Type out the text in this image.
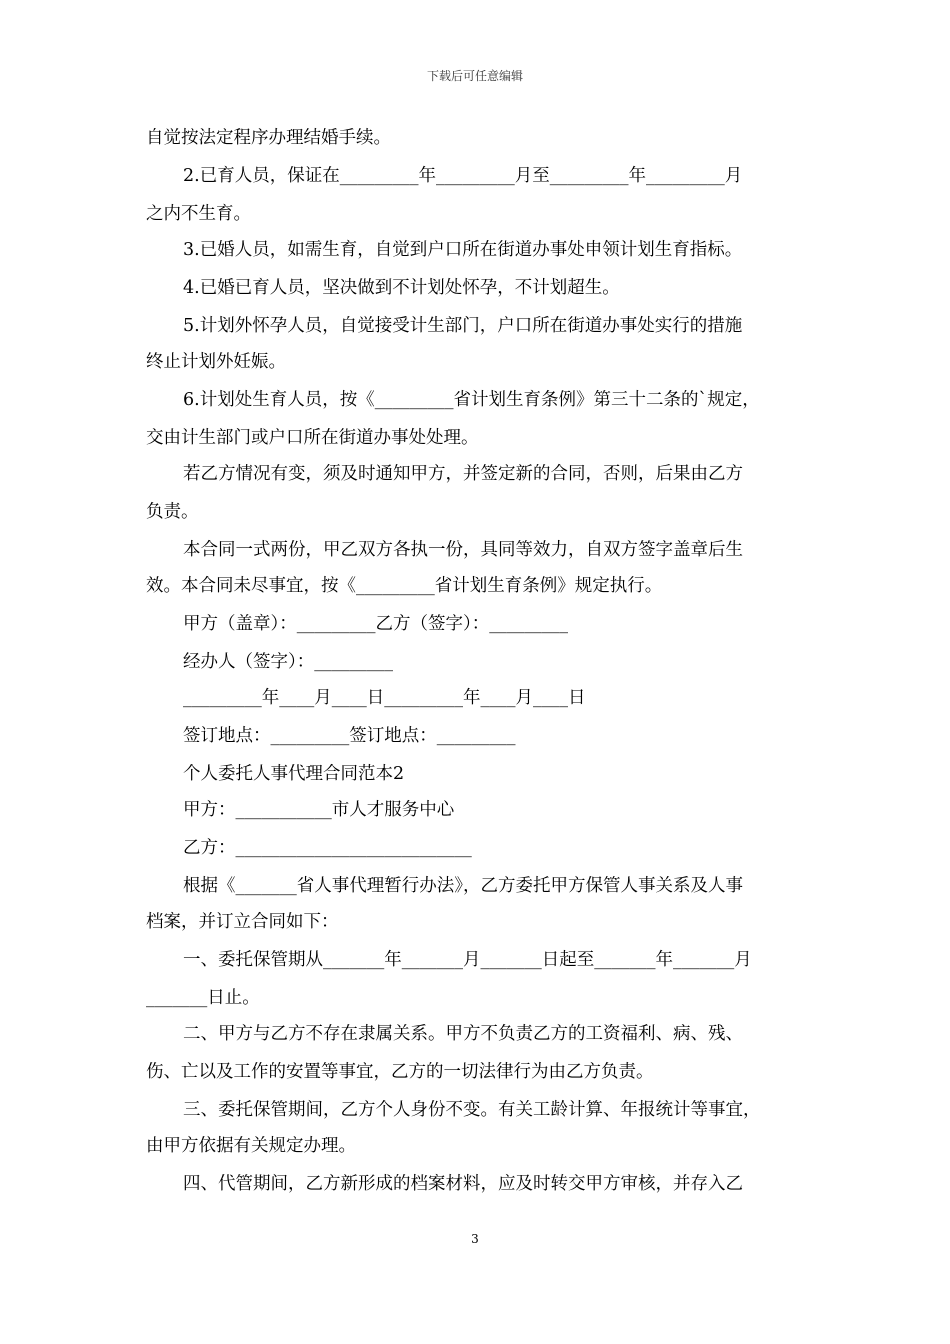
下载后可任意编辑
自觉按法定程序办理结婚手续。
2.已育人员，保证在_________年_________月至_________年_________月
之内不生育。
3.已婚人员，如需生育，自觉到户口所在街道办事处申领计划生育指标。
4.已婚已育人员，坚决做到不计划处怀孕，不计划超生。
5.计划外怀孕人员，自觉接受计生部门，户口所在街道办事处实行的措施
终止计划外妊娠。
6.计划处生育人员，按《_________省计划生育条例》第三十二条的`规定，
交由计生部门或户口所在街道办事处处理。
若乙方情况有变，须及时通知甲方，并签定新的合同，否则，后果由乙方
负责。
本合同一式两份，甲乙双方各执一份，具同等效力，自双方签字盖章后生
效。本合同未尽事宜，按《_________省计划生育条例》规定执行。
甲方（盖章）：_________乙方（签字）：_________
经办人（签字）：_________
_________年____月____日_________年____月____日
签订地点：_________签订地点：_________
个人委托人事代理合同范本2
甲方：___________市人才服务中心
乙方：___________________________
根据《_______省人事代理暂行办法》，乙方委托甲方保管人事关系及人事
档案，并订立合同如下：
一、委托保管期从_______年_______月_______日起至_______年_______月
_______日止。
二、甲方与乙方不存在隶属关系。甲方不负责乙方的工资福利、病、残、
伤、亡以及工作的安置等事宜，乙方的一切法律行为由乙方负责。
三、委托保管期间，乙方个人身份不变。有关工龄计算、年报统计等事宜，
由甲方依据有关规定办理。
四、代管期间，乙方新形成的档案材料，应及时转交甲方审核，并存入乙
3
